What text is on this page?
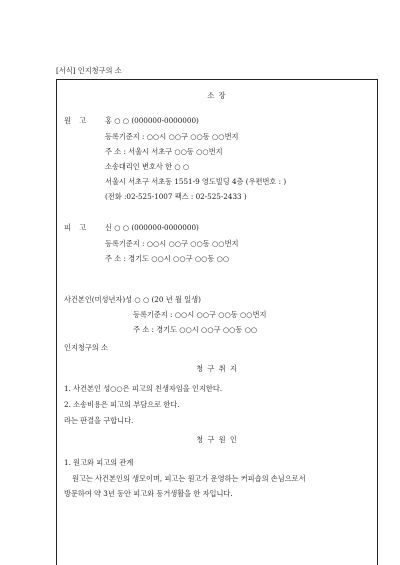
[서식] 인지청구의 소
소 장
원 고 홍 ○ ○ (000000-0000000)
등록기준지 : ○○시 ○○구 ○○동 ○○번지
주 소 : 서울시 서초구 ○○동 ○○번지
소송대리인 변호사 한 ○ ○
서울시 서초구 서초동 1551-9 영도빌딩 4층 (우편번호 : )
(전화 :02-525-1007 팩스 : 02-525-2433 )
피 고 신 ○ ○ (000000-0000000)
등록기준지 : ○○시 ○○구 ○○동 ○○번지
주 소 : 경기도 ○○시 ○○구 ○○동 ○○
사건본인(미성년자)성 ○ ○ (20 년 월 일생)
등록기준지 : ○○시 ○○구 ○○동 ○○번지
주 소 : 경기도 ○○시 ○○구 ○○동 ○○
인지청구의 소
청 구 취 지
1. 사건본인 성○○은 피고의 친생자임을 인지한다.
2. 소송비용은 피고의 부담으로 한다.
라는 판결을 구합니다.
청 구 원 인
1. 원고와 피고의 관계
원고는 사건본인의 생모이며, 피고는 원고가 운영하는 커피숍의 손님으로서
방문하여 약 3년 동안 피고와 동거생활을 한 자입니다.
